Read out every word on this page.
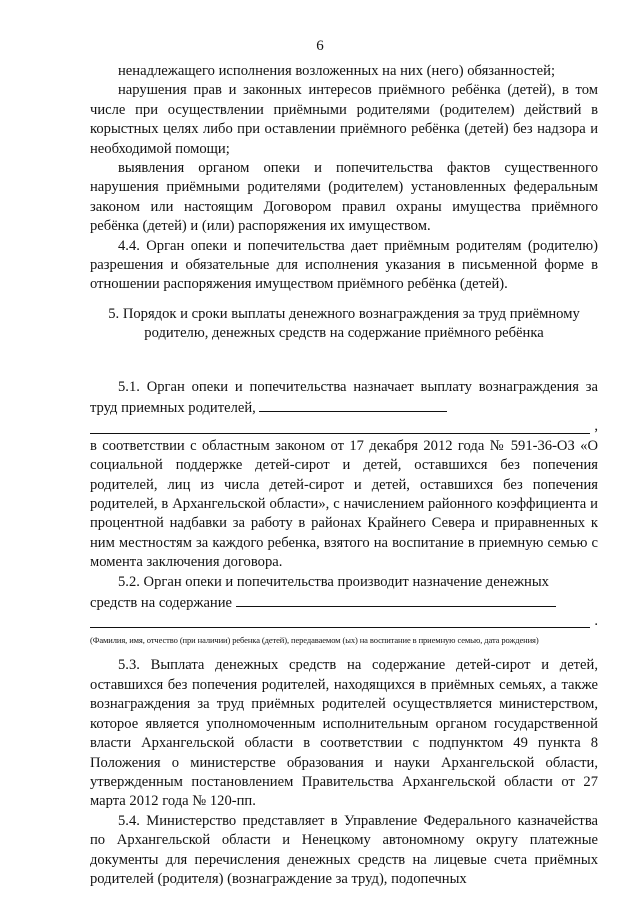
6

ненадлежащего исполнения возложенных на них (него) обязанностей;

нарушения прав и законных интересов приёмного ребёнка (детей), в том числе при осуществлении приёмными родителями (родителем) действий в корыстных целях либо при оставлении приёмного ребёнка (детей) без надзора и необходимой помощи;

выявления органом опеки и попечительства фактов существенного нарушения приёмными родителями (родителем) установленных федеральным законом или настоящим Договором правил охраны имущества приёмного ребёнка (детей) и (или) распоряжения их имуществом.

4.4. Орган опеки и попечительства дает приёмным родителям (родителю) разрешения и обязательные для исполнения указания в письменной форме в отношении распоряжения имуществом приёмного ребёнка (детей).

5. Порядок и сроки выплаты денежного вознаграждения за труд приёмному родителю, денежных средств на содержание приёмного ребёнка

5.1. Орган опеки и попечительства назначает выплату вознаграждения за труд приемных родителей,

,

в соответствии с областным законом от 17 декабря 2012 года № 591-36-ОЗ «О социальной поддержке детей-сирот и детей, оставшихся без попечения родителей, лиц из числа детей-сирот и детей, оставшихся без попечения родителей, в Архангельской области», с начислением районного коэффициента и процентной надбавки за работу в районах Крайнего Севера и приравненных к ним местностям за каждого ребенка, взятого на воспитание в приемную семью с момента заключения договора.

5.2. Орган опеки и попечительства производит назначение денежных

средств на содержание

.

(Фамилия, имя, отчество (при наличии) ребенка (детей), передаваемом (ых) на воспитание в приемную семью, дата рождения)

5.3. Выплата денежных средств на содержание детей-сирот и детей, оставшихся без попечения родителей, находящихся в приёмных семьях, а также вознаграждения за труд приёмных родителей осуществляется министерством, которое является уполномоченным исполнительным органом государственной власти Архангельской области в соответствии с подпунктом 49 пункта 8 Положения о министерстве образования и науки Архангельской области, утвержденным постановлением Правительства Архангельской области от 27 марта 2012 года № 120-пп.

5.4. Министерство представляет в Управление Федерального казначейства по Архангельской области и Ненецкому автономному округу платежные документы для перечисления денежных средств на лицевые счета приёмных родителей (родителя) (вознаграждение за труд), подопечных
